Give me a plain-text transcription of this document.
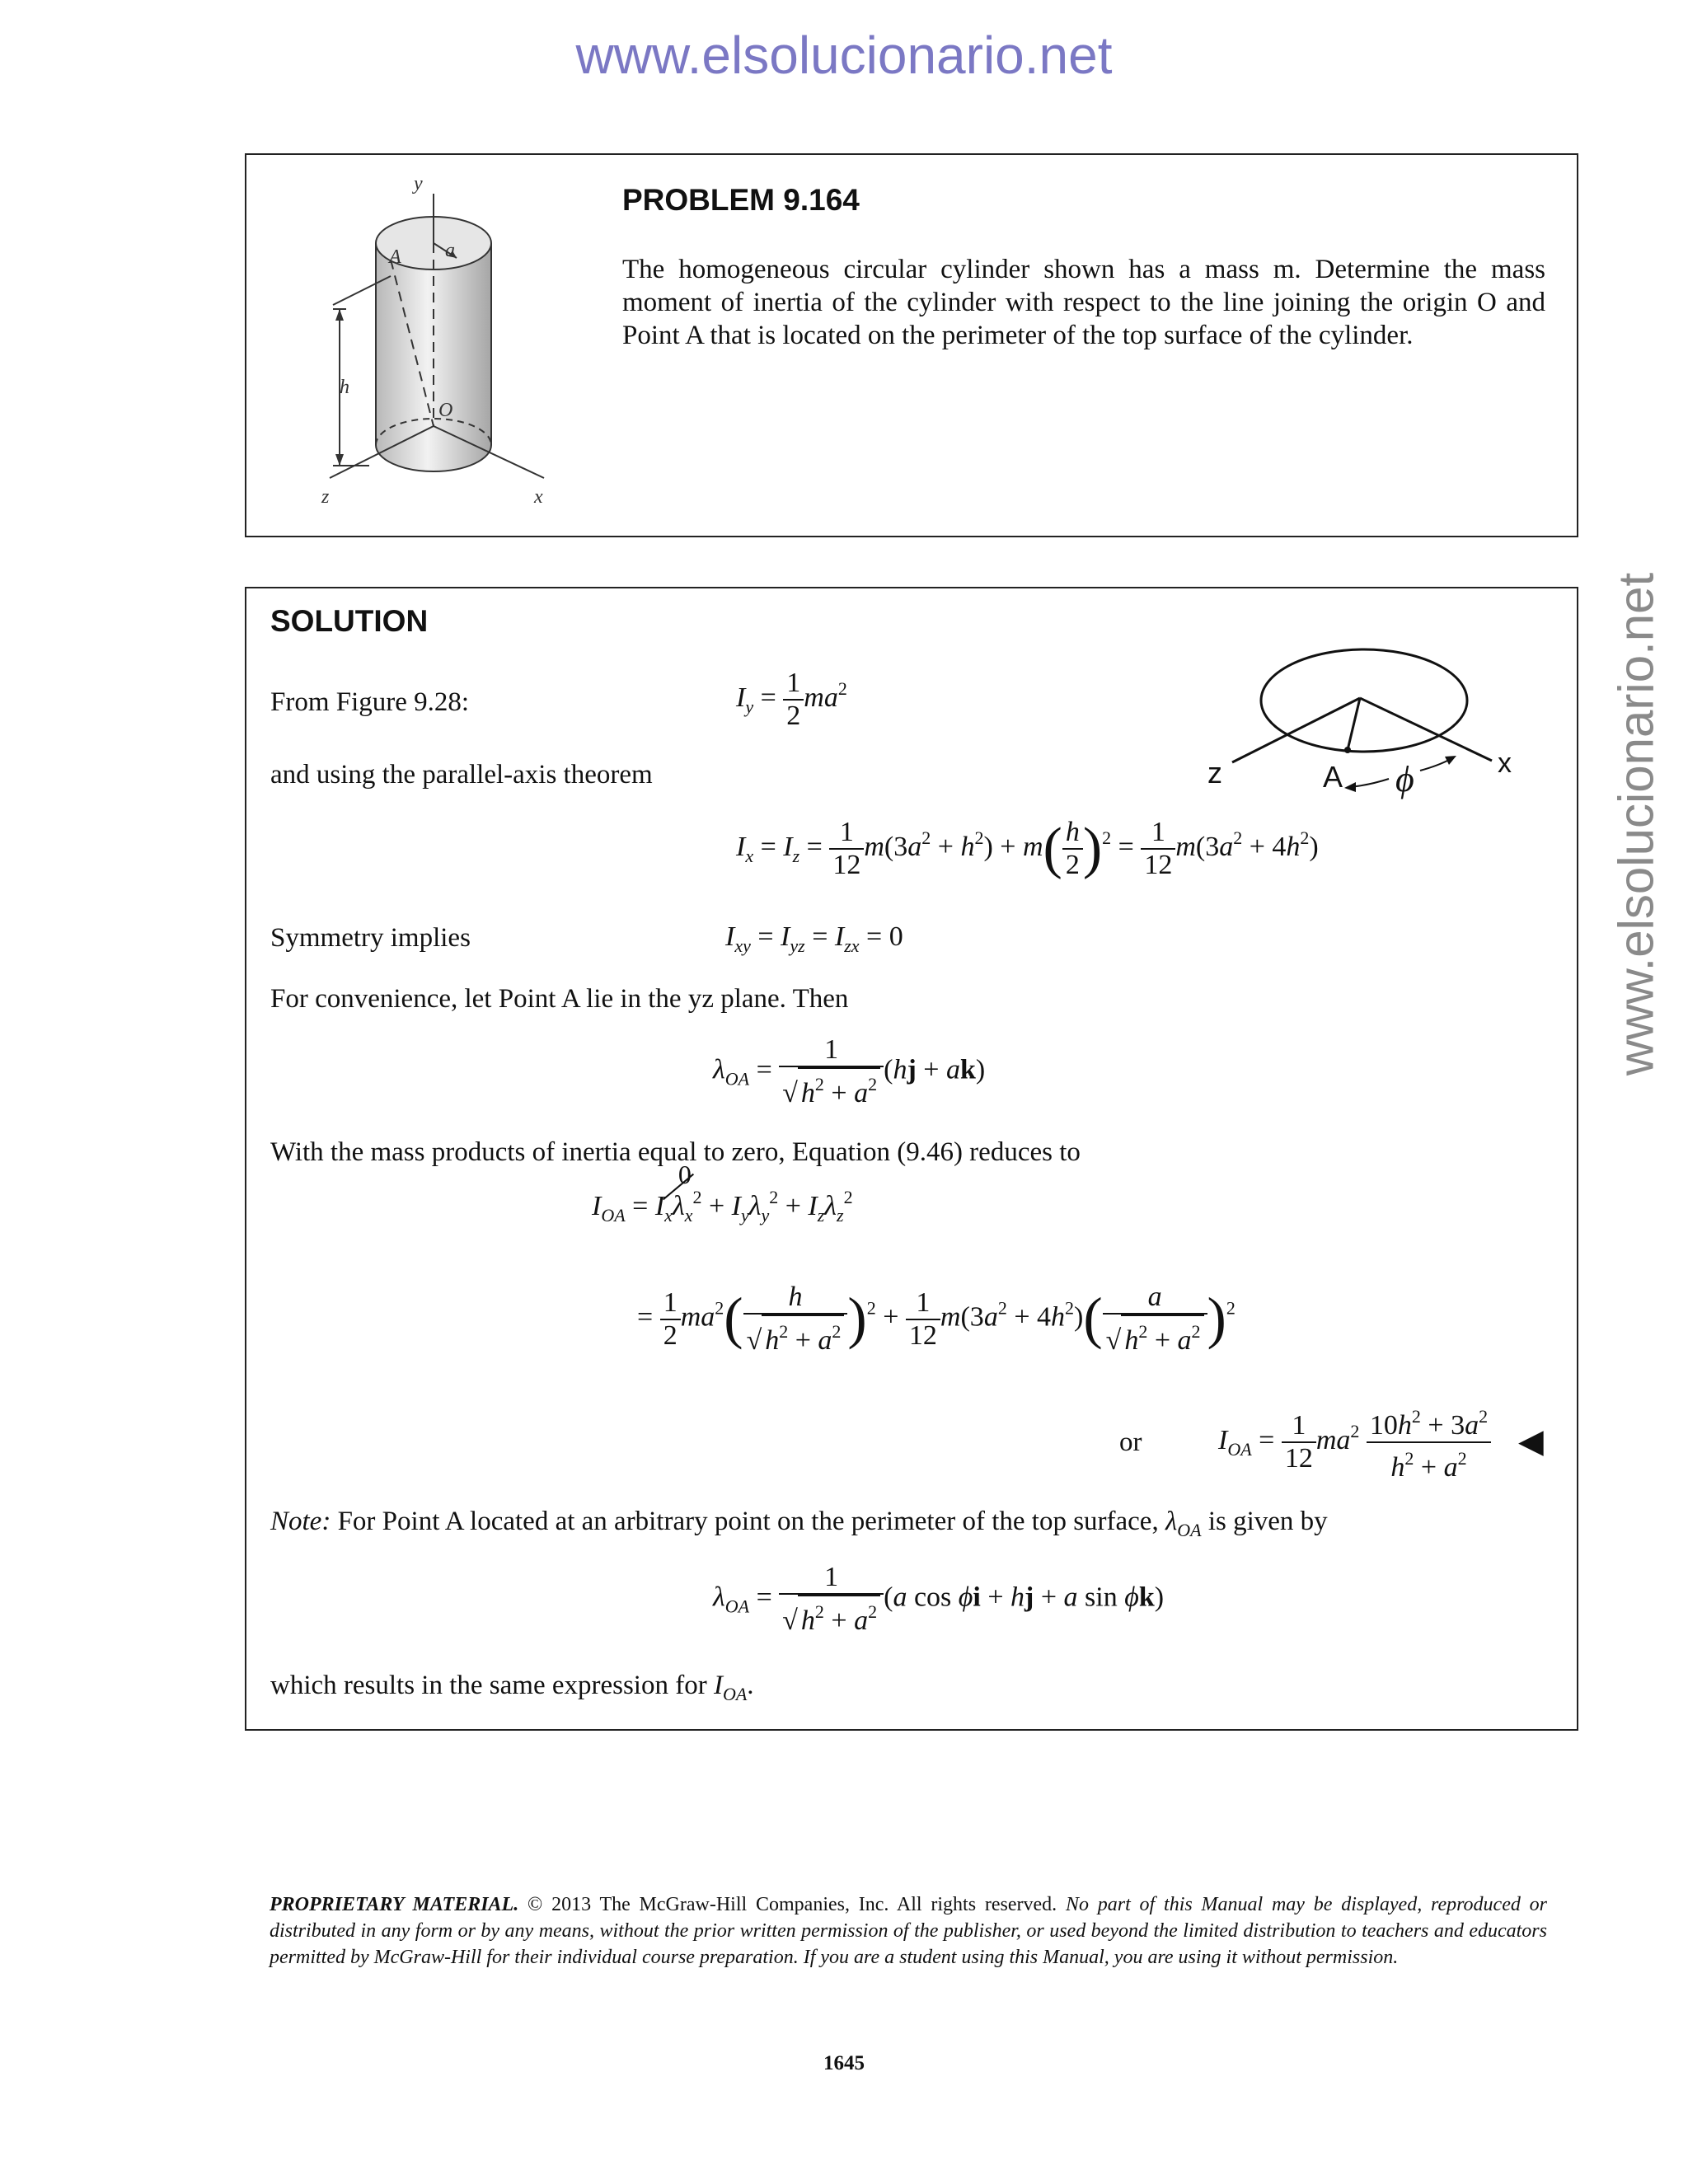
www.elsolucionario.net
www.elsolucionario.net
y
a
A
h
O
z	x
PROBLEM 9.164
The homogeneous circular cylinder shown has a mass m. Determine the mass moment of inertia of the cylinder with respect to the line joining the origin O and Point A that is located on the perimeter of the top surface of the cylinder.
SOLUTION
z	A ϕ	x
From Figure 9.28:	$I_y = \frac{1}{2} ma^2$
and using the parallel-axis theorem
$I_x = I_z = \frac{1}{12} m(3a^2 + h^2) + m( \frac{h}{2} )^2 = \frac{1}{12} m(3a^2 + 4h^2)$
Symmetry implies	$I_{xy} = I_{yz} = I_{zx} = 0$
For convenience, let Point A lie in the yz plane. Then
$\lambda_{OA} = \frac{1}{√ h^2 + a^2} (hj + ak)$
With the mass products of inertia equal to zero, Equation (9.46) reduces to
$I_{OA} = I_x\lambda_x^2$
0
+ $I_y\lambda_y^2 + I_z\lambda_z^2$
= $\frac{1}{2} ma^2( \frac{h}{√ h^2 + a^2} )^2 + \frac{1}{12} m(3a^2 + 4h^2)( \frac{a}{√ h^2 + a^2} )^2$
or	$I_{OA} = \frac{1}{12} ma^2 \frac{10h^2 + 3a^2}{h^2 + a^2}$ ◀
Note: For Point A located at an arbitrary point on the perimeter of the top surface, $\lambda_{OA}$ is given by
$\lambda_{OA} = \frac{1}{√ h^2 + a^2} (a$ cos ϕi + hj + a sin ϕk)
which results in the same expression for $I_{OA}$.
PROPRIETARY MATERIAL. © 2013 The McGraw-Hill Companies, Inc. All rights reserved. No part of this Manual may be displayed, reproduced or distributed in any form or by any means, without the prior written permission of the publisher, or used beyond the limited distribution to teachers and educators permitted by McGraw-Hill for their individual course preparation. If you are a student using this Manual, you are using it without permission.
1645
